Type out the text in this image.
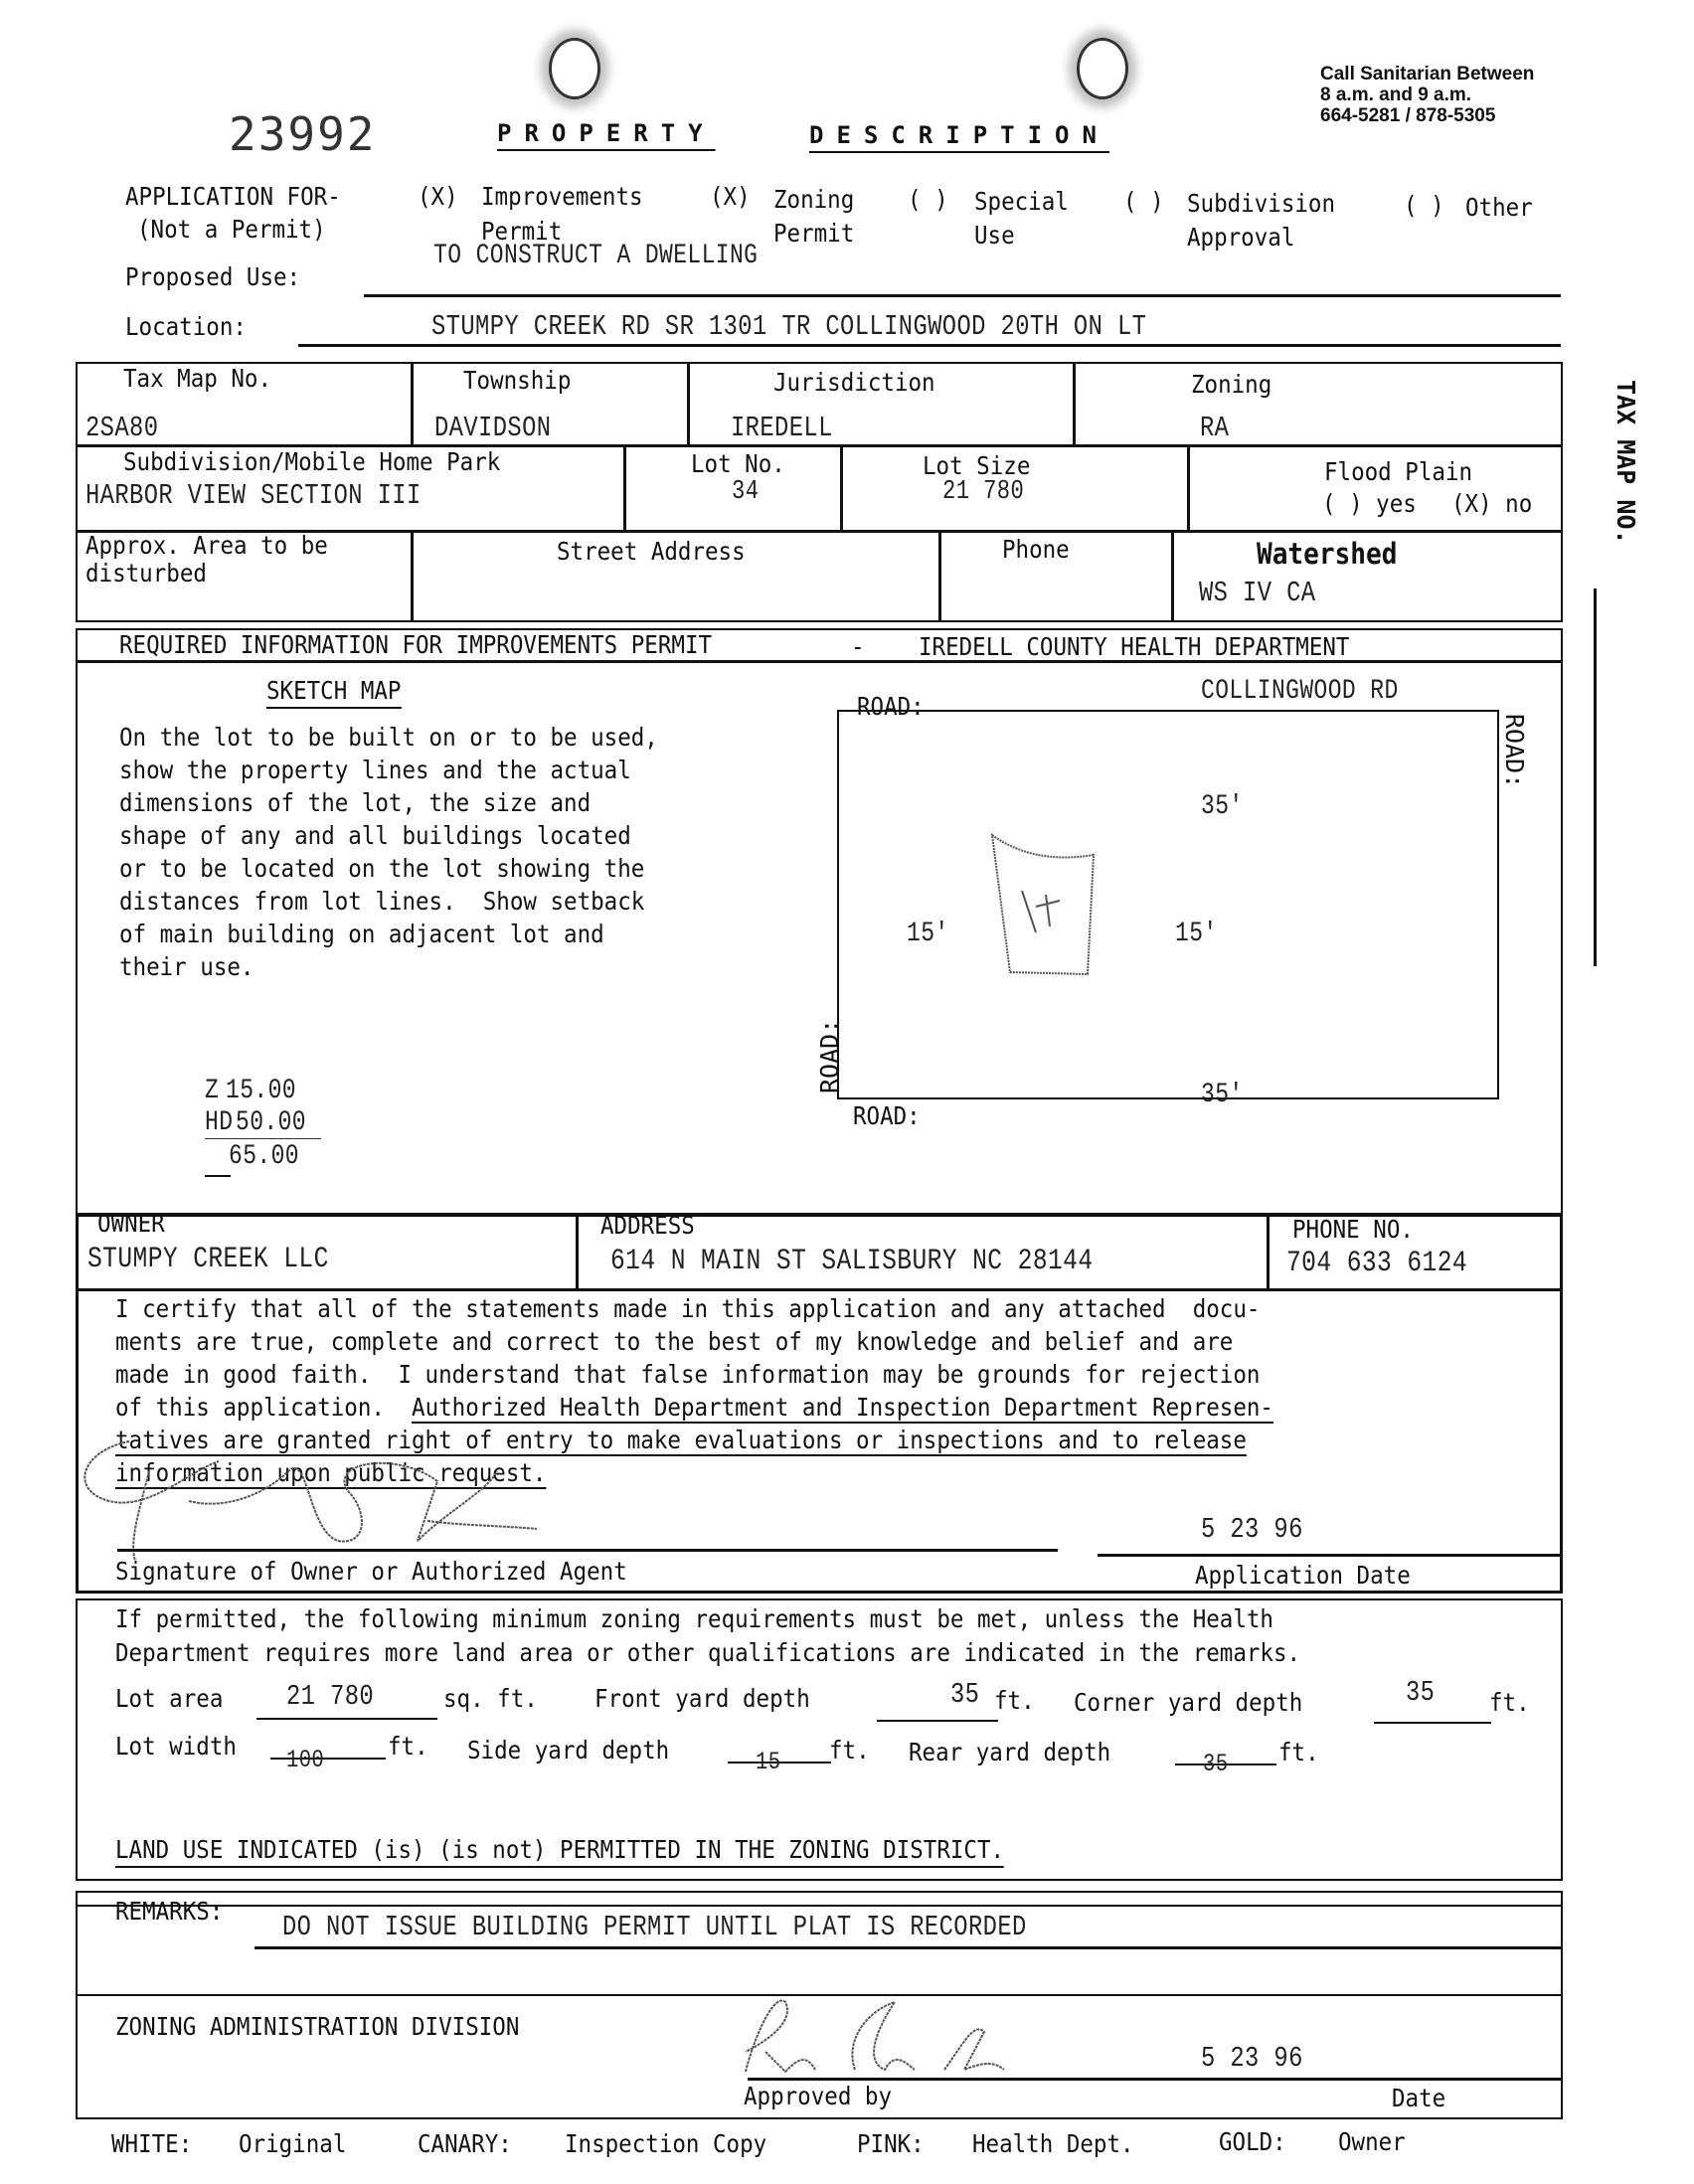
23992	PROPERTY	DESCRIPTION
Call Sanitarian Between
8 a.m. and 9 a.m.
664-5281 / 878-5305
APPLICATION FOR-
(Not a Permit)
(X) Improvements
Permit
(X) Zoning
Permit
( ) Special
Use
( ) Subdivision
Approval
( ) Other
Proposed Use:
TO CONSTRUCT A DWELLING
Location:	STUMPY CREEK RD SR 1301 TR COLLINGWOOD 20TH ON LT
Tax Map No.
2SA80
Township
DAVIDSON
Jurisdiction
IREDELL
Zoning
RA
Subdivision/Mobile Home Park
HARBOR VIEW SECTION III
Lot No.
34
Lot Size
21 780
Flood Plain
( ) yes (X) no
Approx. Area to be
disturbed
Street Address	Phone	Watershed
WS IV CA
TAX MAP NO.
REQUIRED INFORMATION FOR IMPROVEMENTS PERMIT	- IREDELL COUNTY HEALTH DEPARTMENT
SKETCH MAP
On the lot to be built on or to be used,
show the property lines and the actual
dimensions of the lot, the size and
shape of any and all buildings located
or to be located on the lot showing the
distances from lot lines.  Show setback
of main building on adjacent lot and
their use.
Z 15.00
HD50.00
65.00
ROAD:	COLLINGWOOD RD
ROAD:
ROAD:
ROAD:
35'
35'
15'	15'
OWNER
STUMPY CREEK LLC
ADDRESS
614 N MAIN ST SALISBURY NC 28144
PHONE NO.
704 633 6124
I certify that all of the statements made in this application and any attached  docu-
ments are true, complete and correct to the best of my knowledge and belief and are
made in good faith.  I understand that false information may be grounds for rejection
of this application.  Authorized Health Department and Inspection Department Represen-
tatives are granted right of entry to make evaluations or inspections and to release
information upon public request.
5 23 96
Signature of Owner or Authorized Agent	Application Date
If permitted, the following minimum zoning requirements must be met, unless the Health
Department requires more land area or other qualifications are indicated in the remarks.
Lot area 21 780	sq. ft. Front yard depth	35 ft. Corner yard depth	35 ft.
Lot width 100	ft. Side yard depth	15 ft. Rear yard depth	35 ft.
LAND USE INDICATED (is) (is not) PERMITTED IN THE ZONING DISTRICT.
REMARKS: DO NOT ISSUE BUILDING PERMIT UNTIL PLAT IS RECORDED
ZONING ADMINISTRATION DIVISION
5 23 96
Approved by	Date
WHITE:	Original	CANARY: Inspection Copy	PINK: Health Dept.	GOLD: Owner
